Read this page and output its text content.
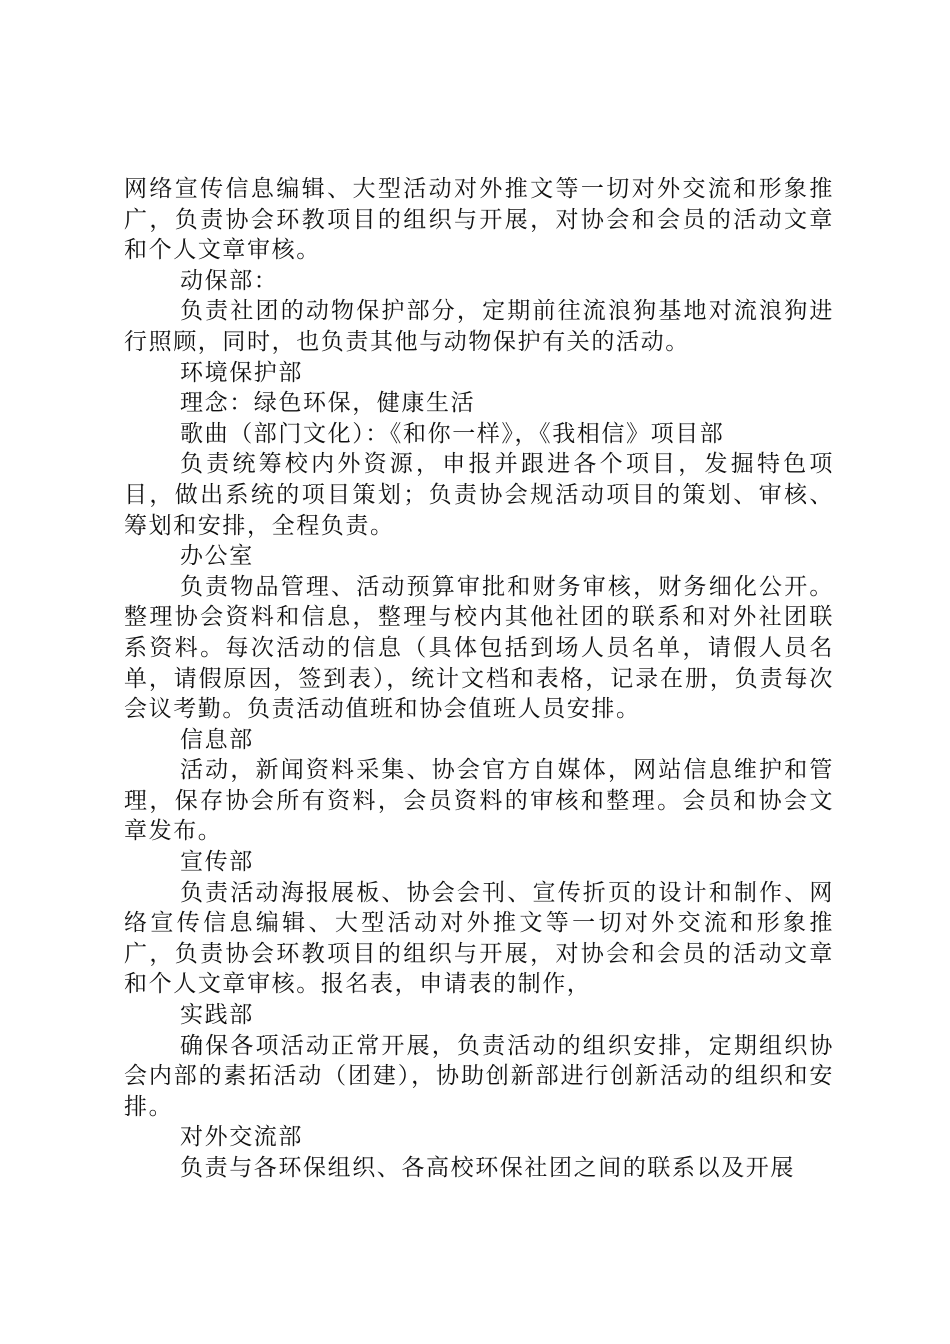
网络宣传信息编辑、大型活动对外推文等一切对外交流和形象推广，负责协会环教项目的组织与开展，对协会和会员的活动文章和个人文章审核。

动保部：

负责社团的动物保护部分，定期前往流浪狗基地对流浪狗进行照顾，同时，也负责其他与动物保护有关的活动。

环境保护部

理念：绿色环保，健康生活

歌曲（部门文化）：《和你一样》，《我相信》项目部

负责统筹校内外资源，申报并跟进各个项目，发掘特色项目，做出系统的项目策划；负责协会规活动项目的策划、审核、筹划和安排，全程负责。

办公室

负责物品管理、活动预算审批和财务审核，财务细化公开。整理协会资料和信息，整理与校内其他社团的联系和对外社团联系资料。每次活动的信息（具体包括到场人员名单，请假人员名单，请假原因，签到表），统计文档和表格，记录在册，负责每次会议考勤。负责活动值班和协会值班人员安排。

信息部

活动，新闻资料采集、协会官方自媒体，网站信息维护和管理，保存协会所有资料，会员资料的审核和整理。会员和协会文章发布。

宣传部

负责活动海报展板、协会会刊、宣传折页的设计和制作、网络宣传信息编辑、大型活动对外推文等一切对外交流和形象推广，负责协会环教项目的组织与开展，对协会和会员的活动文章和个人文章审核。报名表，申请表的制作，

实践部

确保各项活动正常开展，负责活动的组织安排，定期组织协会内部的素拓活动（团建），协助创新部进行创新活动的组织和安排。

对外交流部

负责与各环保组织、各高校环保社团之间的联系以及开展
